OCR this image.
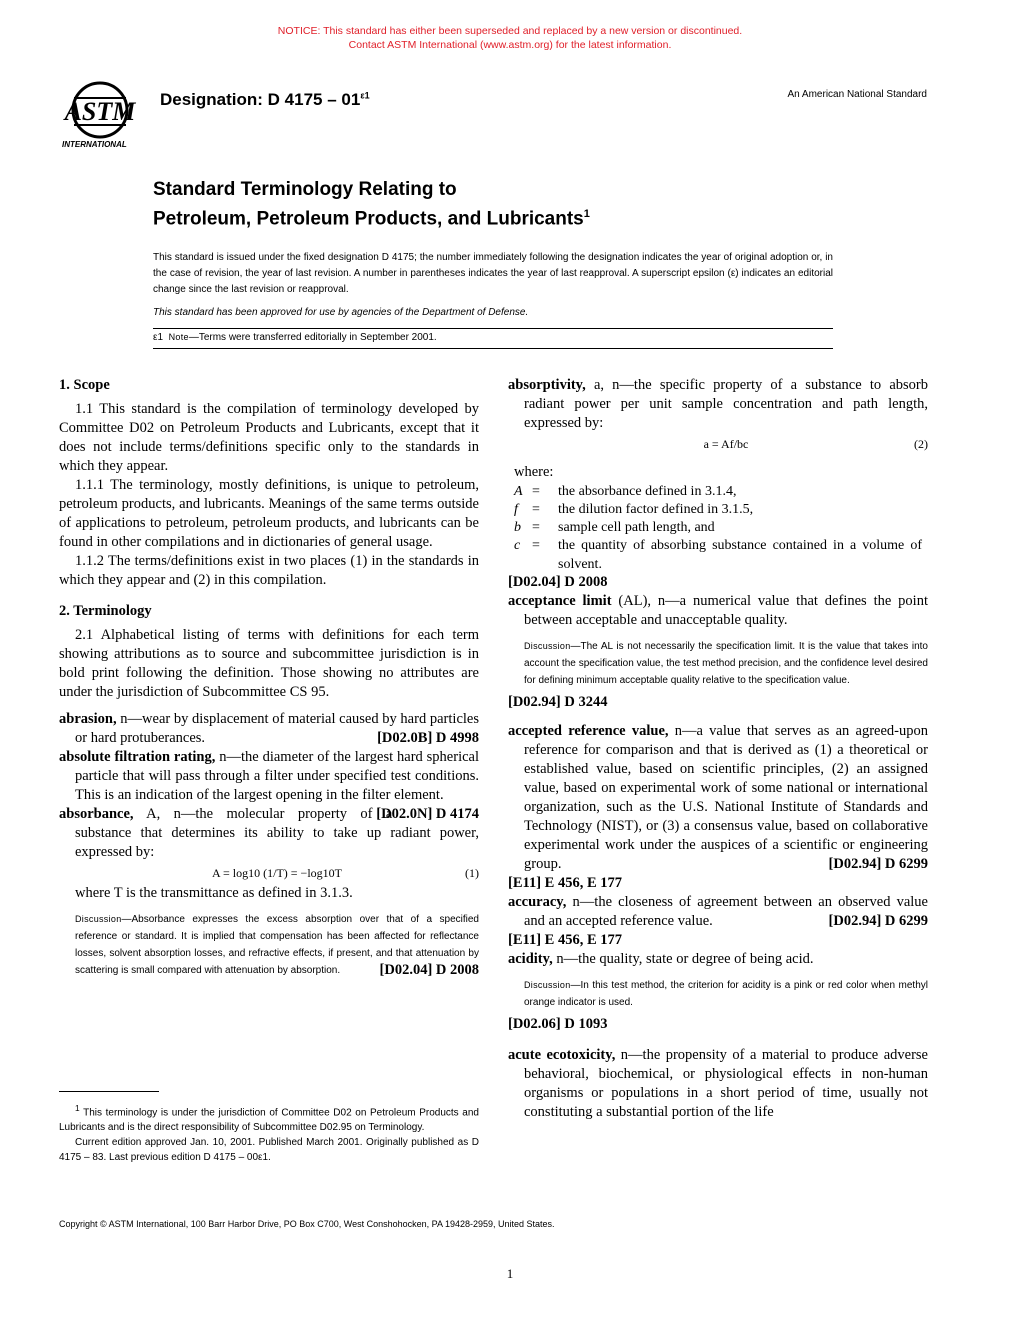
NOTICE: This standard has either been superseded and replaced by a new version or discontinued.
Contact ASTM International (www.astm.org) for the latest information.
ASTM
INTERNATIONAL
Designation: D $4175 - 01^{\varepsilon 1}$	An American National Standard
Standard Terminology Relating to
Petroleum, Petroleum Products, and Lubricants$^1$

This standard is issued under the fixed designation D 4175; the number immediately following the designation indicates the year of original adoption or, in the case of revision, the year of last revision. A number in parentheses indicates the year of last reapproval. A superscript epsilon (ε) indicates an editorial change since the last revision or reapproval.

This standard has been approved for use by agencies of the Department of Defense.

ε1 Note—Terms were transferred editorially in September 2001.

1. Scope

1.1 This standard is the compilation of terminology developed by Committee D02 on Petroleum Products and Lubricants, except that it does not include terms/definitions specific only to the standards in which they appear.

1.1.1 The terminology, mostly definitions, is unique to petroleum, petroleum products, and lubricants. Meanings of the same terms outside of applications to petroleum, petroleum products, and lubricants can be found in other compilations and in dictionaries of general usage.

1.1.2 The terms/definitions exist in two places (1) in the standards in which they appear and (2) in this compilation.

2. Terminology

2.1 Alphabetical listing of terms with definitions for each term showing attributions as to source and subcommittee jurisdiction is in bold print following the definition. Those showing no attributes are under the jurisdiction of Subcommittee CS 95.

abrasion, n—wear by displacement of material caused by hard particles or hard protuberances.	[D02.0B] D 4998

absolute filtration rating, n—the diameter of the largest hard spherical particle that will pass through a filter under specified test conditions. This is an indication of the largest opening in the filter element.
[D02.0N] D 4174

absorbance, A, n—the molecular property of a substance that determines its ability to take up radiant power, expressed by:

A = log10 (1/T) = −log10T	(1)

where T is the transmittance as defined in 3.1.3.

Discussion—Absorbance expresses the excess absorption over that of a specified reference or standard. It is implied that compensation has been affected for reflectance losses, solvent absorption losses, and refractive effects, if present, and that attenuation by scattering is small compared with attenuation by absorption.	[D02.04] D 2008

$^1$ This terminology is under the jurisdiction of Committee D02 on Petroleum Products and Lubricants and is the direct responsibility of Subcommittee D02.95 on Terminology.

Current edition approved Jan. 10, 2001. Published March 2001. Originally published as D 4175 – 83. Last previous edition D 4175 – 00ε1.

absorptivity, a, n—the specific property of a substance to absorb radiant power per unit sample concentration and path length, expressed by:

a = Af/bc	(2)

where:

A = the absorbance defined in 3.1.4,
f = the dilution factor defined in 3.1.5,
b = sample cell path length, and
c = the quantity of absorbing substance contained in a volume of solvent.

[D02.04] D 2008

acceptance limit (AL), n—a numerical value that defines the point between acceptable and unacceptable quality.

Discussion—The AL is not necessarily the specification limit. It is the value that takes into account the specification value, the test method precision, and the confidence level desired for defining minimum acceptable quality relative to the specification value.

[D02.94] D 3244

accepted reference value, n—a value that serves as an agreed-upon reference for comparison and that is derived as (1) a theoretical or established value, based on scientific principles, (2) an assigned value, based on experimental work of some national or international organization, such as the U.S. National Institute of Standards and Technology (NIST), or (3) a consensus value, based on collaborative experimental work under the auspices of a scientific or engineering group.	[D02.94] D 6299

[E11] E 456, E 177

accuracy, n—the closeness of agreement between an observed value and an accepted reference value.	[D02.94] D 6299

[E11] E 456, E 177

acidity, n—the quality, state or degree of being acid.

Discussion—In this test method, the criterion for acidity is a pink or red color when methyl orange indicator is used.

[D02.06] D 1093

acute ecotoxicity, n—the propensity of a material to produce adverse behavioral, biochemical, or physiological effects in non-human organisms or populations in a short period of time, usually not constituting a substantial portion of the life

Copyright © ASTM International, 100 Barr Harbor Drive, PO Box C700, West Conshohocken, PA 19428-2959, United States.
1
